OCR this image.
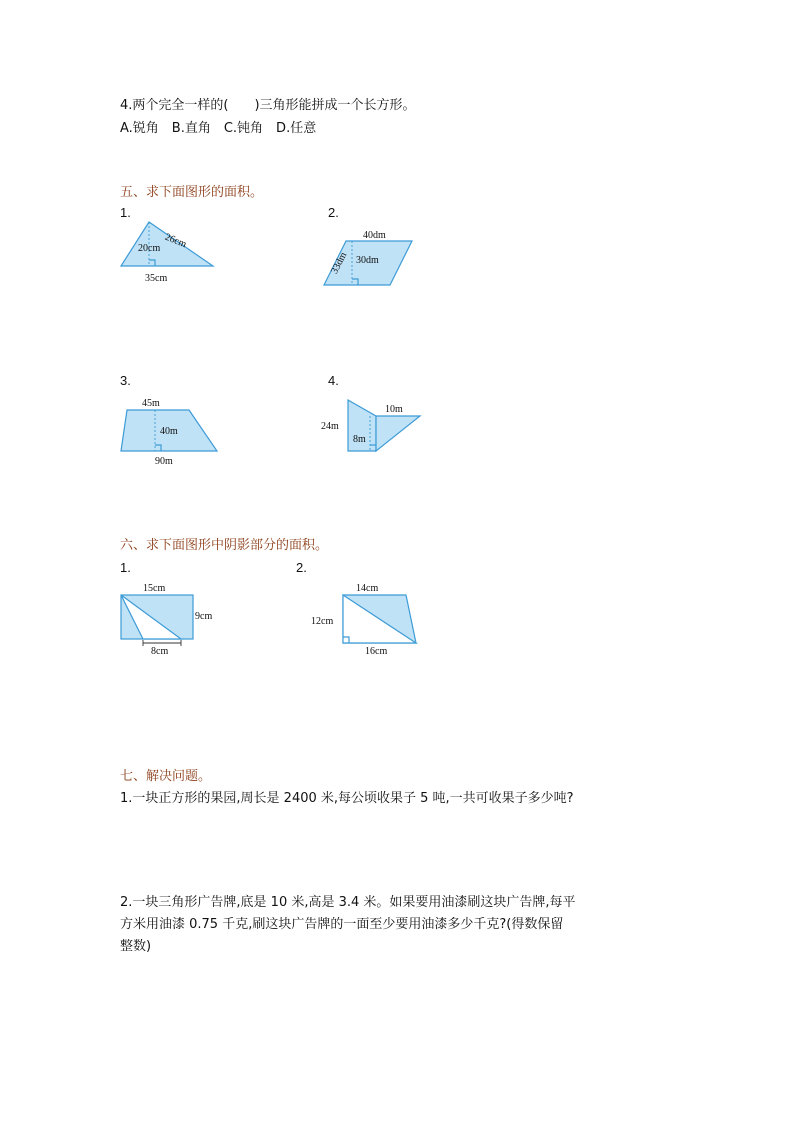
4.两个完全一样的(　　)三角形能拼成一个长方形。
A.锐角　B.直角　C.钝角　D.任意
五、求下面图形的面积。
1.	2.
26cm
20cm
35cm
40dm
33dm 30dm
3.	4.
45m
40m
90m
24m
10m
8m
六、求下面图形中阴影部分的面积。
1.	2.
15cm
9cm
8cm
14cm
12cm
16cm
七、解决问题。
1.一块正方形的果园,周长是 2400 米,每公顷收果子 5 吨,一共可收果子多少吨?
2.一块三角形广告牌,底是 10 米,高是 3.4 米。如果要用油漆刷这块广告牌,每平
方米用油漆 0.75 千克,刷这块广告牌的一面至少要用油漆多少千克?(得数保留
整数)
